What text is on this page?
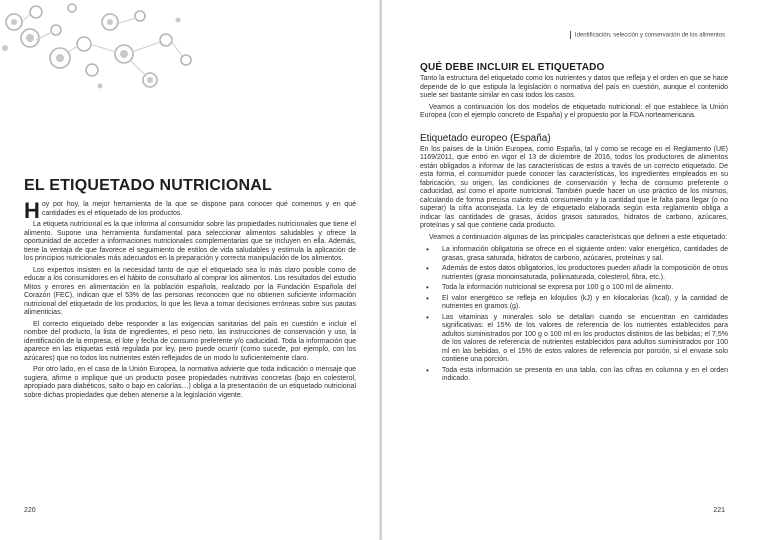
EL ETIQUETADO NUTRICIONAL

Hoy por hoy, la mejor herramienta de la que se dispone para conocer qué comemos y en qué cantidades es el etiquetado de los productos.

La etiqueta nutricional es la que informa al consumidor sobre las propiedades nutricionales que tiene el alimento. Supone una herramienta fundamental para seleccionar alimentos saludables y ofrece la oportunidad de acceder a informaciones nutricionales complementarias que se incluyen en ella. Además, tiene la ventaja de que favorece el seguimiento de estilos de vida saludables y estimula la aplicación de los principios nutricionales más adecuados en la preparación y correcta manipulación de los alimentos.

Los expertos insisten en la necesidad tanto de que el etiquetado sea lo más claro posible como de educar a los consumidores en el hábito de consultarlo al comprar los alimentos. Los resultados del estudio Mitos y errores en alimentación en la población española, realizado por la Fundación Española del Corazón (FEC), indican que el 53% de las personas reconocen que no obtienen suficiente información nutricional del etiquetado de los productos, lo que les lleva a tomar decisiones erróneas sobre sus pautas alimenticias.

El correcto etiquetado debe responder a las exigencias sanitarias del país en cuestión e incluir el nombre del producto, la lista de ingredientes, el peso neto, las instrucciones de conservación y uso, la identificación de la empresa, el lote y fecha de consumo preferente y/o caducidad. Toda la información que aparece en las etiquetas está regulada por ley, pero puede ocurrir (como sucede, por ejemplo, con los azúcares) que no todos los nutrientes estén reflejados de un modo lo suficientemente claro.

Por otro lado, en el caso de la Unión Europea, la normativa advierte que toda indicación o mensaje que sugiera, afirme o implique que un producto posee propiedades nutritivas concretas (bajo en colesterol, apropiado para diabéticos, salto o bajo en calorías…) obliga a la presentación de un etiquetado nutricional sobre dichas propiedades que deben atenerse a la legislación vigente.

220
Identificación, selección y conservación de los alimentos
QUÉ DEBE INCLUIR EL ETIQUETADO

Tanto la estructura del etiquetado como los nutrientes y datos que refleja y el orden en que se hace depende de lo que estipula la legislación o normativa del país en cuestión, aunque el contenido suele ser bastante similar en casi todos los casos.

Veamos a continuación los dos modelos de etiquetado nutricional: el que establece la Unión Europea (con el ejemplo concreto de España) y el propuesto por la FDA norteamericana.

Etiquetado europeo (España)

En los países de la Unión Europea, como España, tal y como se recoge en el Reglamento (UE) 1169/2011, que entró en vigor el 13 de diciembre de 2016, todos los productores de alimentos están obligados a informar de las características de estos a través de un correcto etiquetado. De esta forma, el consumidor puede conocer las características, los ingredientes empleados en su fabricación, su origen, las condiciones de conservación y fecha de consumo preferente o caducidad, así como el aporte nutricional. También puede hacer un uso práctico de los mismos, calculando de forma precisa cuánto está consumiendo y la cantidad que le falta para llegar (o no superar) la cifra aconsejada. La ley de etiquetado elaborada según esta reglamento obliga a indicar las cantidades de grasas, ácidos grasos saturados, hidratos de carbono, azúcares, proteínas y sal que contiene cada producto.

Veamos a continuación algunas de las principales características que definen a este etiquetado:

• La información obligatoria se ofrece en el siguiente orden: valor energético, cantidades de grasas, grasa saturada, hidratos de carbono, azúcares, proteínas y sal.
• Además de estos datos obligatorios, los productores pueden añadir la composición de otros nutrientes (grasa monoinsaturada, poliinsaturada, colesterol, fibra, etc.).
• Toda la información nutricional se expresa por 100 g o 100 ml de alimento.
• El valor energético se refleja en kilojulios (kJ) y en kilocalorías (kcal), y la cantidad de nutrientes en gramos (g).
• Las vitaminas y minerales solo se detallan cuando se encuentran en cantidades significativas: el 15% de los valores de referencia de los nutrientes establecidos para adultos suministrados por 100 g o 100 ml en los productos distintos de las bebidas; el 7,5% de los valores de referencia de nutrientes establecidos para adultos suministrados por 100 ml en las bebidas, o el 15% de estos valores de referencia por porción, si el envase solo contiene una porción.
• Toda esta información se presenta en una tabla, con las cifras en columna y en el orden indicado.
221
